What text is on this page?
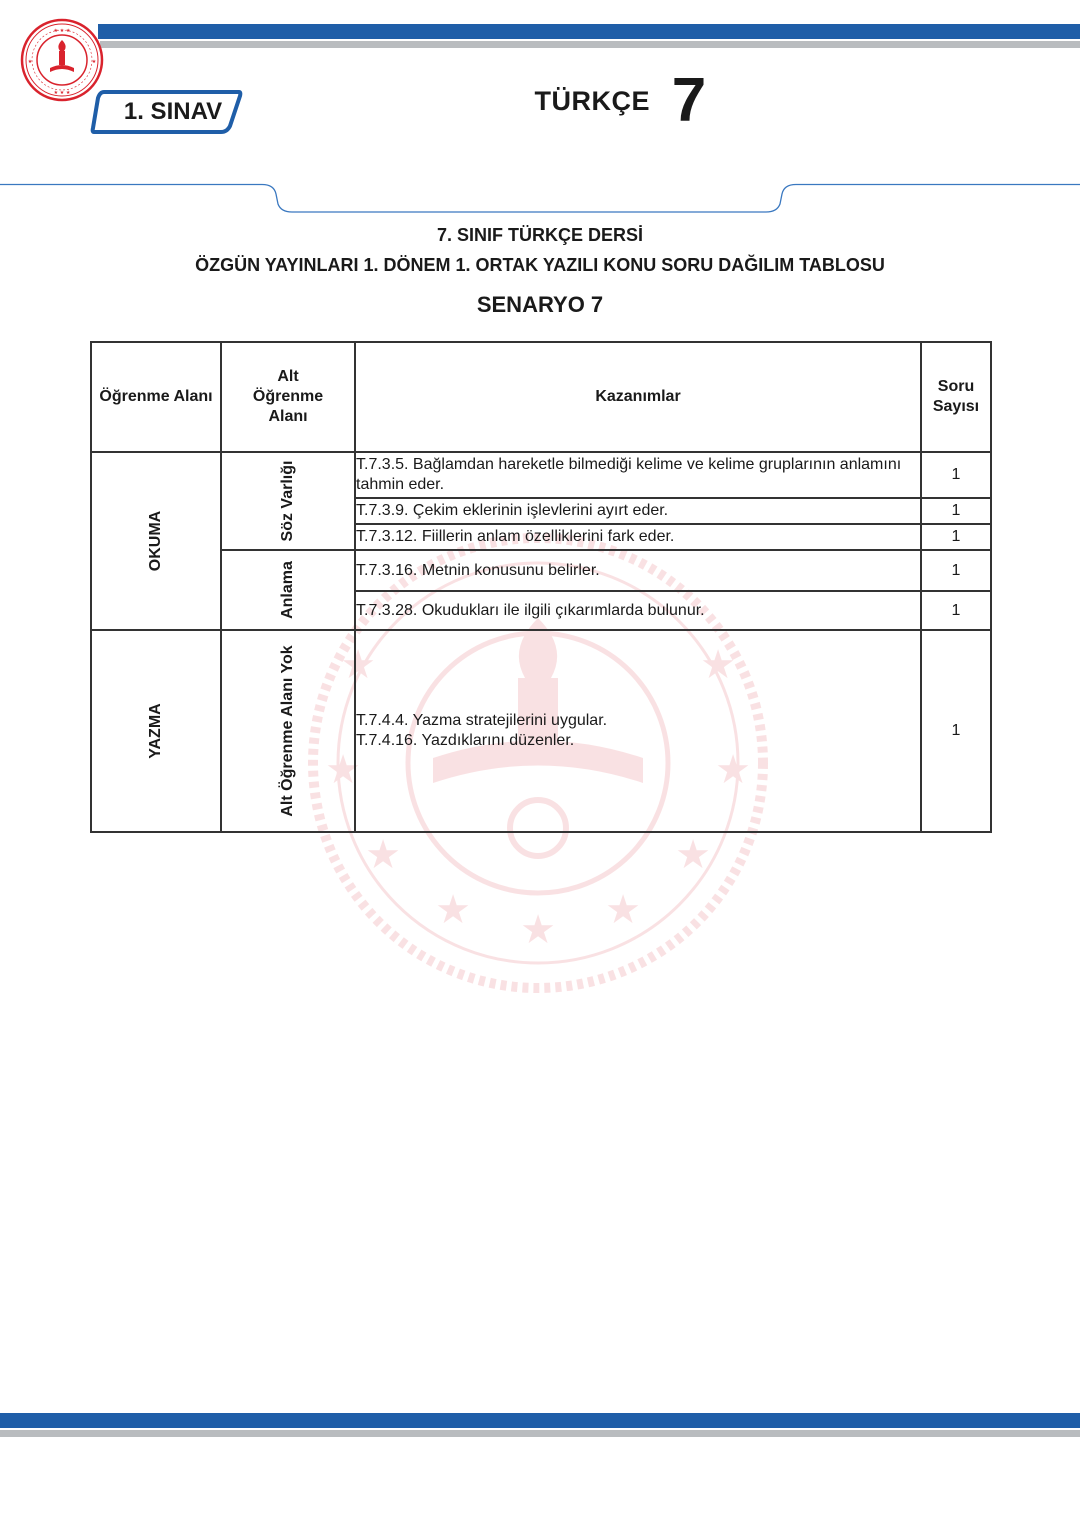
★ ★ ★
★ ★ ★
★	★
1. SINAV	TÜRKÇE 7
7. SINIF TÜRKÇE DERSİ
ÖZGÜN YAYINLARI 1. DÖNEM 1. ORTAK YAZILI KONU SORU DAĞILIM TABLOSU
SENARYO 7
★	★
★	★
★	★
★	★
★
Öğrenme Alanı	Alt Öğrenme Alanı	Kazanımlar	Soru Sayısı

OKUMA	Söz Varlığı	T.7.3.5. Bağlamdan hareketle bilmediği kelime ve kelime gruplarının anlamını tahmin eder.	1
		T.7.3.9. Çekim eklerinin işlevlerini ayırt eder.	1
		T.7.3.12. Fiillerin anlam özelliklerini fark eder.	1

	Anlama	T.7.3.16. Metnin konusunu belirler.	1
		T.7.3.28. Okudukları ile ilgili çıkarımlarda bulunur.	1

YAZMA	Alt Öğrenme Alanı Yok	T.7.4.4. Yazma stratejilerini uygular.
T.7.4.16. Yazdıklarını düzenler.	1
